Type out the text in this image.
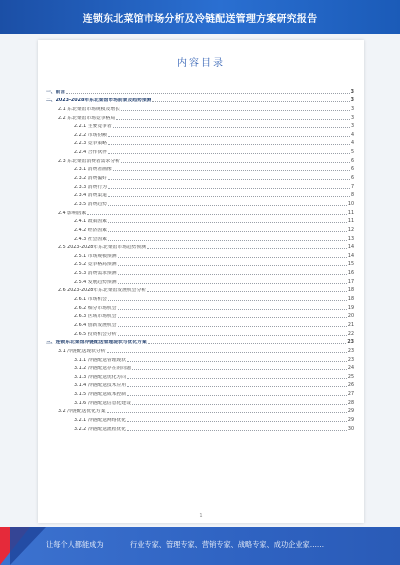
连锁东北菜馆市场分析及冷链配送管理方案研究报告
内容目录
一、前言	3
二、2023-2028年东北菜馆市场前景及趋势预测	3
2.1 东北菜馆市场规模及增长	3
2.2 东北菜馆市场竞争格局	3
2.2.1 主要竞争者	3
2.2.2 市场份额	4
2.2.3 竞争策略	4
2.2.4 合作伙伴	5
2.3 东北菜馆消费者需求分析	6
2.3.1 消费者画像	6
2.3.2 消费偏好	6
2.3.3 消费行为	7
2.3.4 消费渠道	8
2.3.5 消费趋势	10
2.4 影响因素	11
2.4.1 政策因素	11
2.4.2 经济因素	12
2.4.3 社会因素	13
2.5 2023-2028年东北菜馆市场趋势预测	14
2.5.1 市场规模预测	14
2.5.2 竞争格局预测	15
2.5.3 消费需求预测	16
2.5.4 发展趋势预测	17
2.6 2023-2028年东北菜馆发展机会分析	18
2.6.1 市场机会	18
2.6.2 细分市场机会	19
2.6.3 区域市场机会	20
2.6.4 创新发展机会	21
2.6.5 投资机会分析	22
三、连锁东北菜馆冷链配送管理现状与优化方案	23
3.1 冷链配送现状分析	23
3.1.1 冷链配送管理现状	23
3.1.2 冷链配送存在的问题	24
3.1.3 冷链配送优化方向	25
3.1.4 冷链配送技术应用	26
3.1.5 冷链配送成本控制	27
3.1.6 冷链配送信息化建设	28
3.2 冷链配送优化方案	29
3.2.1 冷链配送网络优化	29
3.2.2 冷链配送流程优化	30
1
让每个人都能成为	行业专家、管理专家、营销专家、战略专家、成功企业家……
